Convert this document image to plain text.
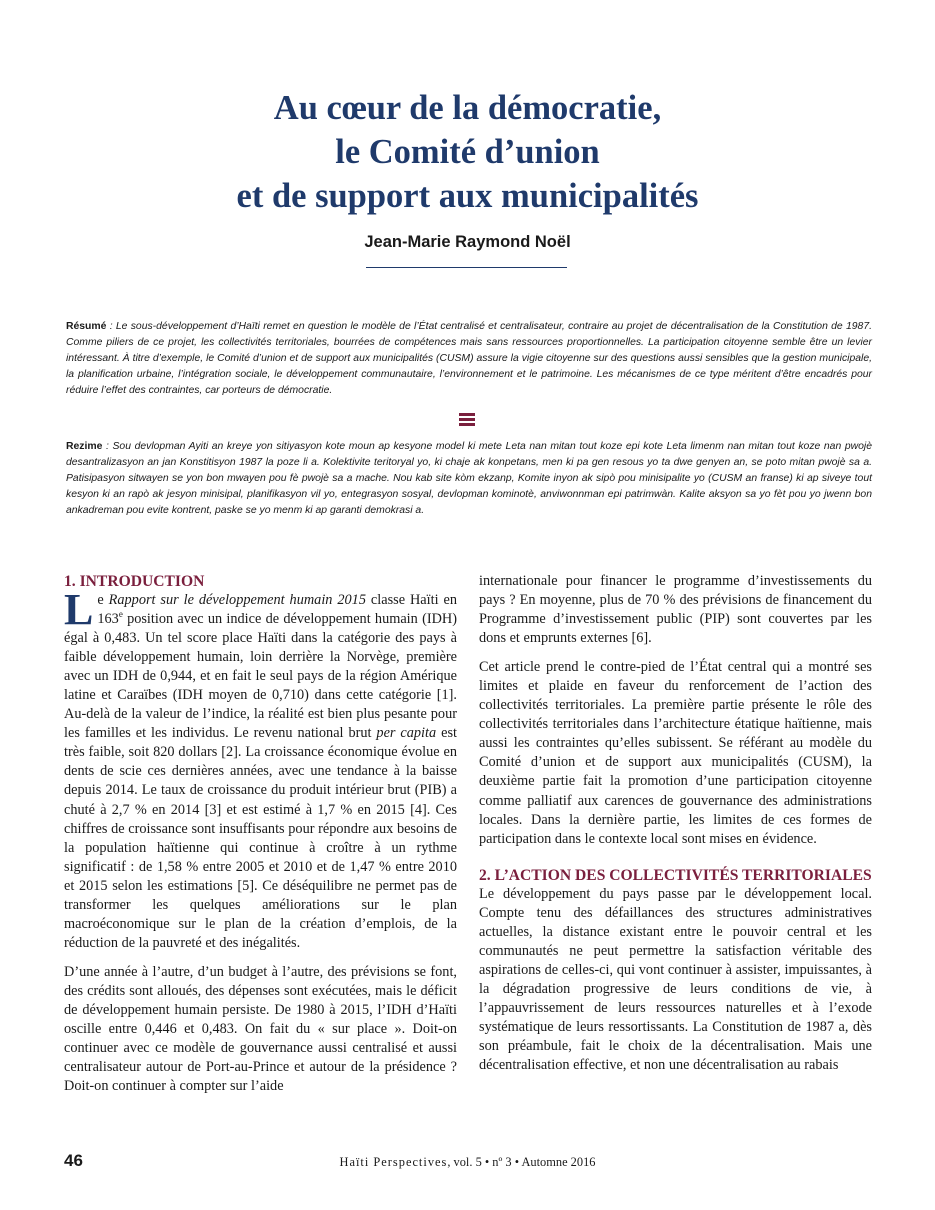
Au cœur de la démocratie,
le Comité d’union
et de support aux municipalités
Jean-Marie Raymond Noël
Résumé : Le sous-développement d’Haïti remet en question le modèle de l’État centralisé et centralisateur, contraire au projet de décentralisation de la Constitution de 1987. Comme piliers de ce projet, les collectivités territoriales, bourrées de compétences mais sans ressources proportionnelles. La participation citoyenne semble être un levier intéressant. À titre d’exemple, le Comité d’union et de support aux municipalités (CUSM) assure la vigie citoyenne sur des questions aussi sensibles que la gestion municipale, la planification urbaine, l’intégration sociale, le développement communautaire, l’environnement et le patrimoine. Les mécanismes de ce type méritent d’être encadrés pour réduire l’effet des contraintes, car porteurs de démocratie.
Rezime : Sou devlopman Ayiti an kreye yon sitiyasyon kote moun ap kesyone model ki mete Leta nan mitan tout koze epi kote Leta limenm nan mitan tout koze nan pwojè desantralizasyon an jan Konstitisyon 1987 la poze li a. Kolektivite teritoryal yo, ki chaje ak konpetans, men ki pa gen resous yo ta dwe genyen an, se poto mitan pwojè sa a. Patisipasyon sitwayen se yon bon mwayen pou fè pwojè sa a mache. Nou kab site kòm ekzanp, Komite inyon ak sipò pou minisipalite yo (CUSM an franse) ki ap siveye tout kesyon ki an rapò ak jesyon minisipal, planifikasyon vil yo, entegrasyon sosyal, devlopman kominotè, anviwonnman epi patrimwàn. Kalite aksyon sa yo fèt pou yo jwenn bon ankadreman pou evite kontrent, paske se yo menm ki ap garanti demokrasi a.
1. INTRODUCTION

Le Rapport sur le développement humain 2015 classe Haïti en 163e position avec un indice de développement humain (IDH) égal à 0,483. Un tel score place Haïti dans la catégorie des pays à faible développement humain, loin derrière la Norvège, première avec un IDH de 0,944, et en fait le seul pays de la région Amérique latine et Caraïbes (IDH moyen de 0,710) dans cette catégorie [1]. Au-delà de la valeur de l’indice, la réalité est bien plus pesante pour les familles et les individus. Le revenu national brut per capita est très faible, soit 820 dollars [2]. La croissance économique évolue en dents de scie ces dernières années, avec une tendance à la baisse depuis 2014. Le taux de croissance du produit intérieur brut (PIB) a chuté à 2,7 % en 2014 [3] et est estimé à 1,7 % en 2015 [4]. Ces chiffres de croissance sont insuffisants pour répondre aux besoins de la population haïtienne qui continue à croître à un rythme significatif : de 1,58 % entre 2005 et 2010 et de 1,47 % entre 2010 et 2015 selon les estimations [5]. Ce déséquilibre ne permet pas de transformer les quelques améliorations sur le plan macroéconomique sur le plan de la création d’emplois, de la réduction de la pauvreté et des inégalités.

D’une année à l’autre, d’un budget à l’autre, des prévisions se font, des crédits sont alloués, des dépenses sont exécutées, mais le déficit de développement humain persiste. De 1980 à 2015, l’IDH d’Haïti oscille entre 0,446 et 0,483. On fait du « sur place ». Doit-on continuer avec ce modèle de gouvernance aussi centralisé et aussi centralisateur autour de Port-au-Prince et autour de la présidence ? Doit-on continuer à compter sur l’aide

internationale pour financer le programme d’investissements du pays ? En moyenne, plus de 70 % des prévisions de financement du Programme d’investissement public (PIP) sont couvertes par les dons et emprunts externes [6].

Cet article prend le contre-pied de l’État central qui a montré ses limites et plaide en faveur du renforcement de l’action des collectivités territoriales. La première partie présente le rôle des collectivités territoriales dans l’architecture étatique haïtienne, mais aussi les contraintes qu’elles subissent. Se référant au modèle du Comité d’union et de support aux municipalités (CUSM), la deuxième partie fait la promotion d’une participation citoyenne comme palliatif aux carences de gouvernance des administrations locales. Dans la dernière partie, les limites de ces formes de participation dans le contexte local sont mises en évidence.

2. L’ACTION DES COLLECTIVITÉS TERRITORIALES

Le développement du pays passe par le développement local. Compte tenu des défaillances des structures administratives actuelles, la distance existant entre le pouvoir central et les communautés ne peut permettre la satisfaction véritable des aspirations de celles-ci, qui vont continuer à assister, impuissantes, à la dégradation progressive de leurs conditions de vie, à l’appauvrissement de leurs ressources naturelles et à l’exode systématique de leurs ressortissants. La Constitution de 1987 a, dès son préambule, fait le choix de la décentralisation. Mais une décentralisation effective, et non une décentralisation au rabais

46	Haïti Perspectives, vol. 5 • nº 3 • Automne 2016
